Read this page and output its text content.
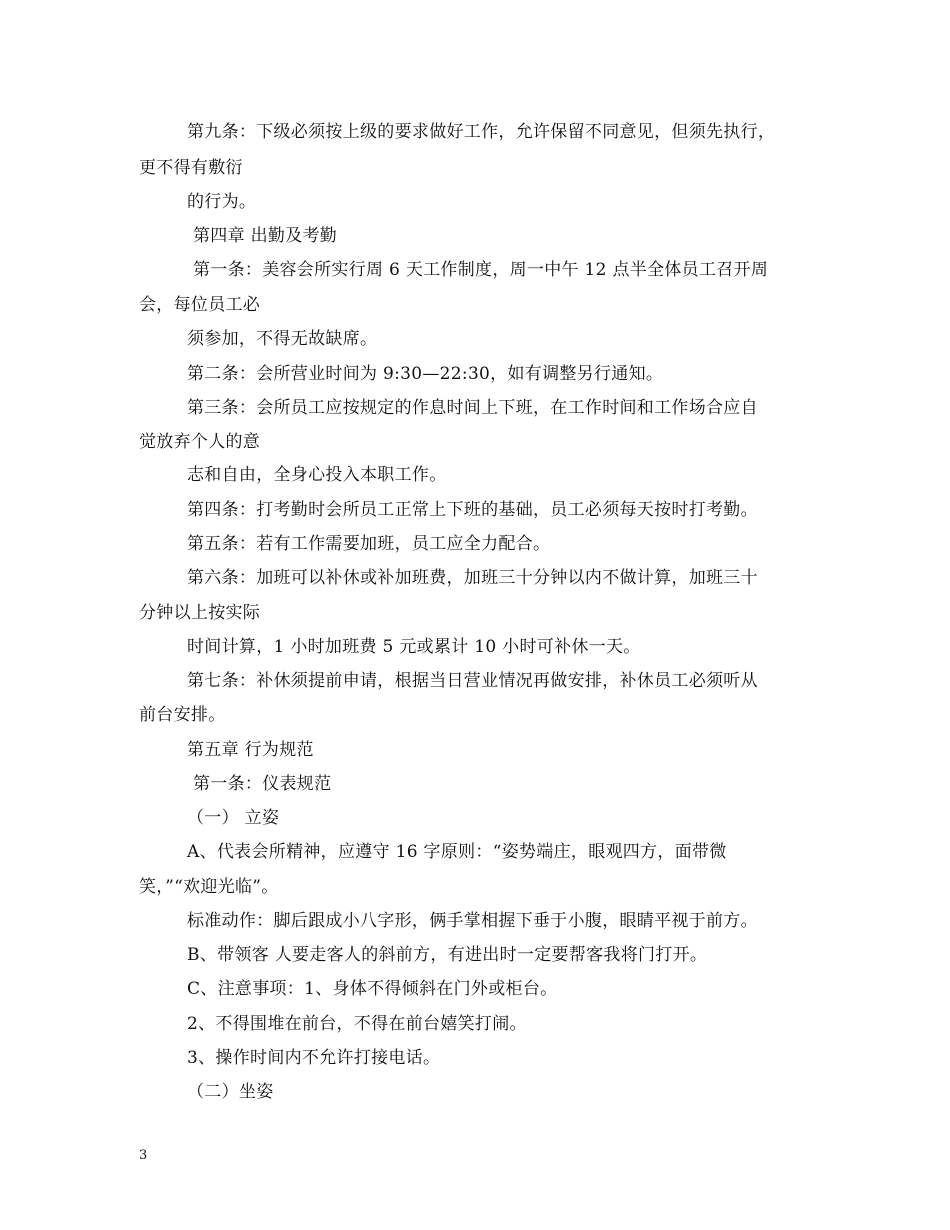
第九条：下级必须按上级的要求做好工作，允许保留不同意见，但须先执行，
更不得有敷衍
的行为。
第四章 出勤及考勤
第一条：美容会所实行周 6 天工作制度，周一中午 12 点半全体员工召开周
会，每位员工必
须参加，不得无故缺席。
第二条：会所营业时间为 9:30—22:30，如有调整另行通知。
第三条：会所员工应按规定的作息时间上下班，在工作时间和工作场合应自
觉放弃个人的意
志和自由，全身心投入本职工作。
第四条：打考勤时会所员工正常上下班的基础，员工必须每天按时打考勤。
第五条：若有工作需要加班，员工应全力配合。
第六条：加班可以补休或补加班费，加班三十分钟以内不做计算，加班三十
分钟以上按实际
时间计算，1 小时加班费 5 元或累计 10 小时可补休一天。
第七条：补休须提前申请，根据当日营业情况再做安排，补休员工必须听从
前台安排。
第五章 行为规范
第一条：仪表规范
（一） 立姿
A、代表会所精神，应遵守 16 字原则：“姿势端庄，眼观四方，面带微
笑，”“欢迎光临”。
标准动作：脚后跟成小八字形，俩手掌相握下垂于小腹，眼睛平视于前方。
B、带领客 人要走客人的斜前方，有进出时一定要帮客我将门打开。
C、注意事项：1、身体不得倾斜在门外或柜台。
2、不得围堆在前台，不得在前台嬉笑打闹。
3、操作时间内不允许打接电话。
（二）坐姿
3
